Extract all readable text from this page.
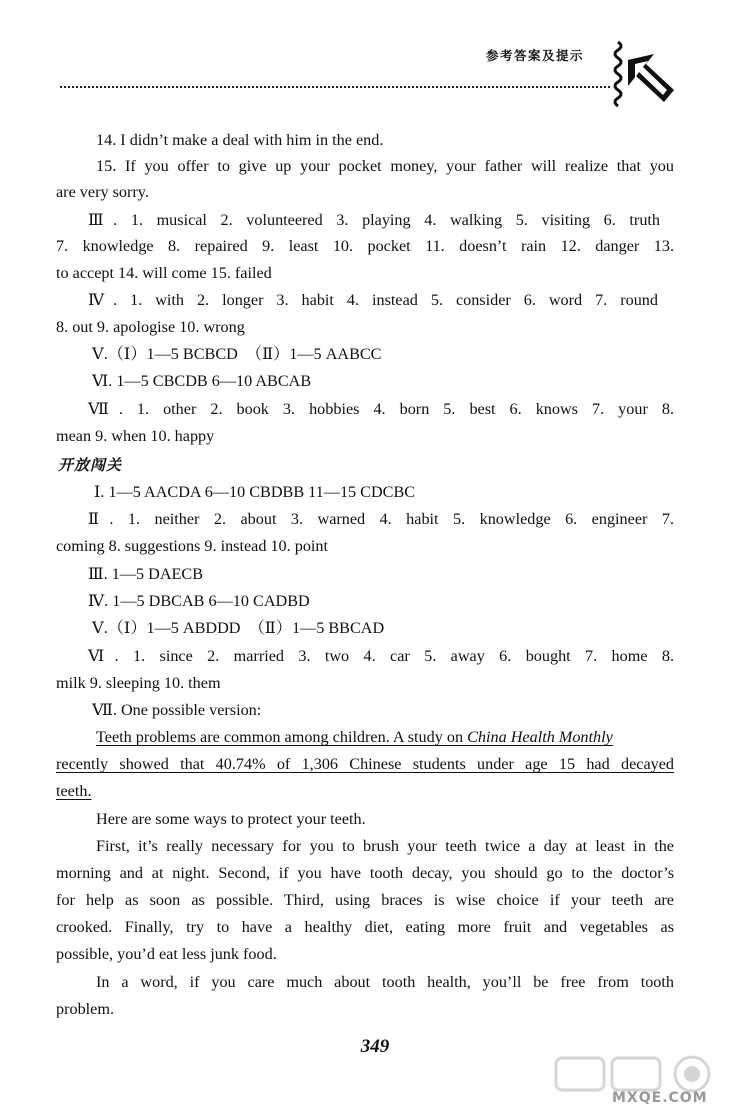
参考答案及提示
14. I didn’t make a deal with him in the end.
15. If you offer to give up your pocket money, your father will realize that you
are very sorry.
Ⅲ. 1. musical 2. volunteered 3. playing 4. walking 5. visiting 6. truth
7. knowledge 8. repaired 9. least 10. pocket 11. doesn’t rain 12. danger 13.
to accept 14. will come 15. failed
Ⅳ. 1. with 2. longer 3. habit 4. instead 5. consider 6. word 7. round
8. out 9. apologise 10. wrong
Ⅴ.（Ⅰ）1—5 BCBCD　（Ⅱ）1—5 AABCC
Ⅵ. 1—5 CBCDB 6—10 ABCAB
Ⅶ. 1. other 2. book 3. hobbies 4. born 5. best 6. knows 7. your 8.
mean 9. when 10. happy
开放闯关
Ⅰ. 1—5 AACDA 6—10 CBDBB 11—15 CDCBC
Ⅱ. 1. neither 2. about 3. warned 4. habit 5. knowledge 6. engineer 7.
coming 8. suggestions 9. instead 10. point
Ⅲ. 1—5 DAECB
Ⅳ. 1—5 DBCAB 6—10 CADBD
Ⅴ.（Ⅰ）1—5 ABDDD　（Ⅱ）1—5 BBCAD
Ⅵ. 1. since 2. married 3. two 4. car 5. away 6. bought 7. home 8.
milk 9. sleeping 10. them
Ⅶ. One possible version:
Teeth problems are common among children. A study on China Health Monthly
recently showed that 40.74% of 1,306 Chinese students under age 15 had decayed
teeth.
Here are some ways to protect your teeth.
First, it’s really necessary for you to brush your teeth twice a day at least in the
morning and at night. Second, if you have tooth decay, you should go to the doctor’s
for help as soon as possible. Third, using braces is wise choice if your teeth are
crooked. Finally, try to have a healthy diet, eating more fruit and vegetables as
possible, you’d eat less junk food.
In a word, if you care much about tooth health, you’ll be free from tooth
problem.
349
MXQE.COM
